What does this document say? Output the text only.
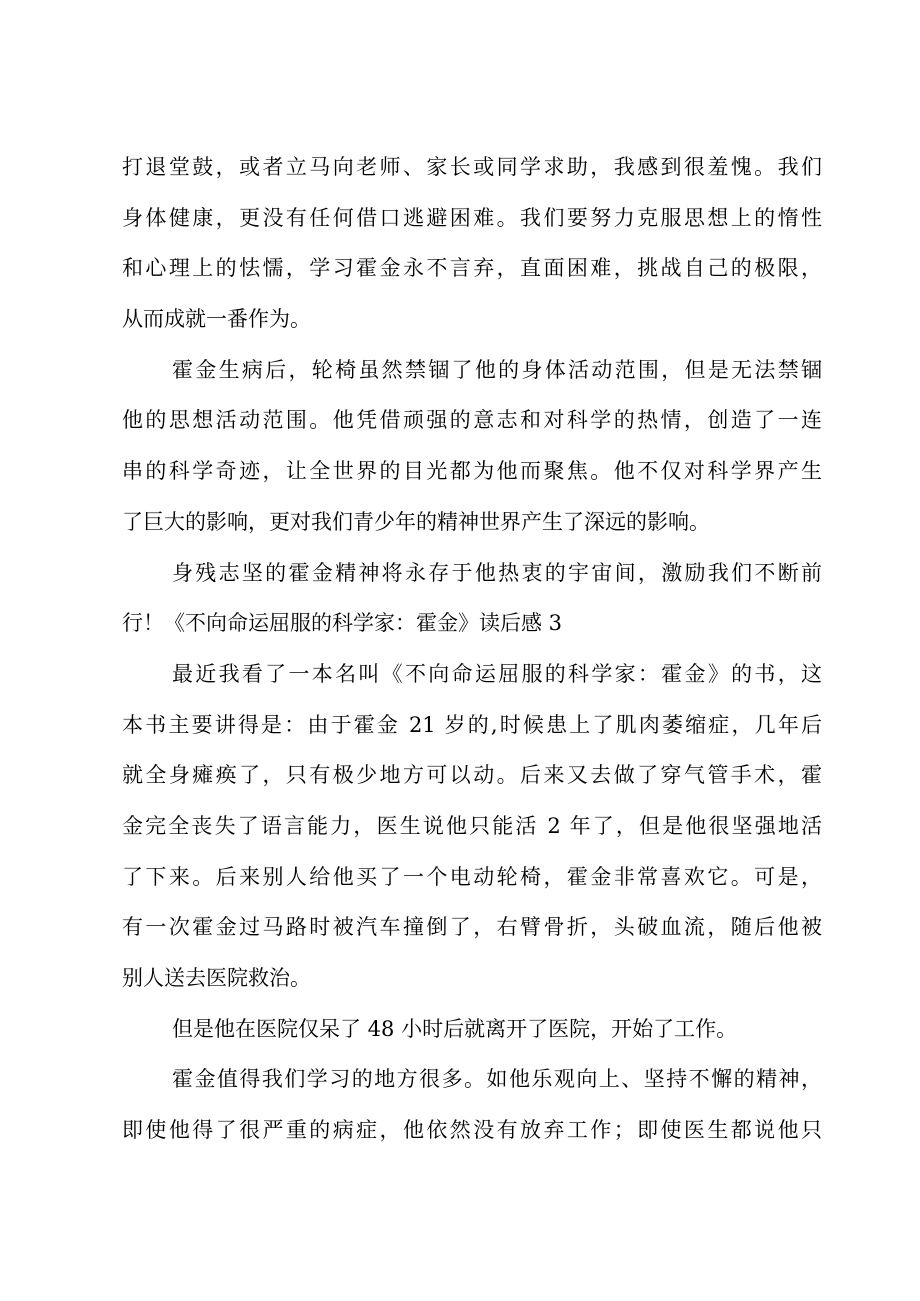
打退堂鼓，或者立马向老师、家长或同学求助，我感到很羞愧。我们
身体健康，更没有任何借口逃避困难。我们要努力克服思想上的惰性
和心理上的怯懦，学习霍金永不言弃，直面困难，挑战自己的极限，
从而成就一番作为。
霍金生病后，轮椅虽然禁锢了他的身体活动范围，但是无法禁锢
他的思想活动范围。他凭借顽强的意志和对科学的热情，创造了一连
串的科学奇迹，让全世界的目光都为他而聚焦。他不仅对科学界产生
了巨大的影响，更对我们青少年的精神世界产生了深远的影响。
身残志坚的霍金精神将永存于他热衷的宇宙间，激励我们不断前
行！《不向命运屈服的科学家：霍金》读后感 3
最近我看了一本名叫《不向命运屈服的科学家：霍金》的书，这
本书主要讲得是：由于霍金 21 岁的,时候患上了肌肉萎缩症，几年后
就全身瘫痪了，只有极少地方可以动。后来又去做了穿气管手术，霍
金完全丧失了语言能力，医生说他只能活 2 年了，但是他很坚强地活
了下来。后来别人给他买了一个电动轮椅，霍金非常喜欢它。可是，
有一次霍金过马路时被汽车撞倒了，右臂骨折，头破血流，随后他被
别人送去医院救治。
但是他在医院仅呆了 48 小时后就离开了医院，开始了工作。
霍金值得我们学习的地方很多。如他乐观向上、坚持不懈的精神，
即使他得了很严重的病症，他依然没有放弃工作；即使医生都说他只
